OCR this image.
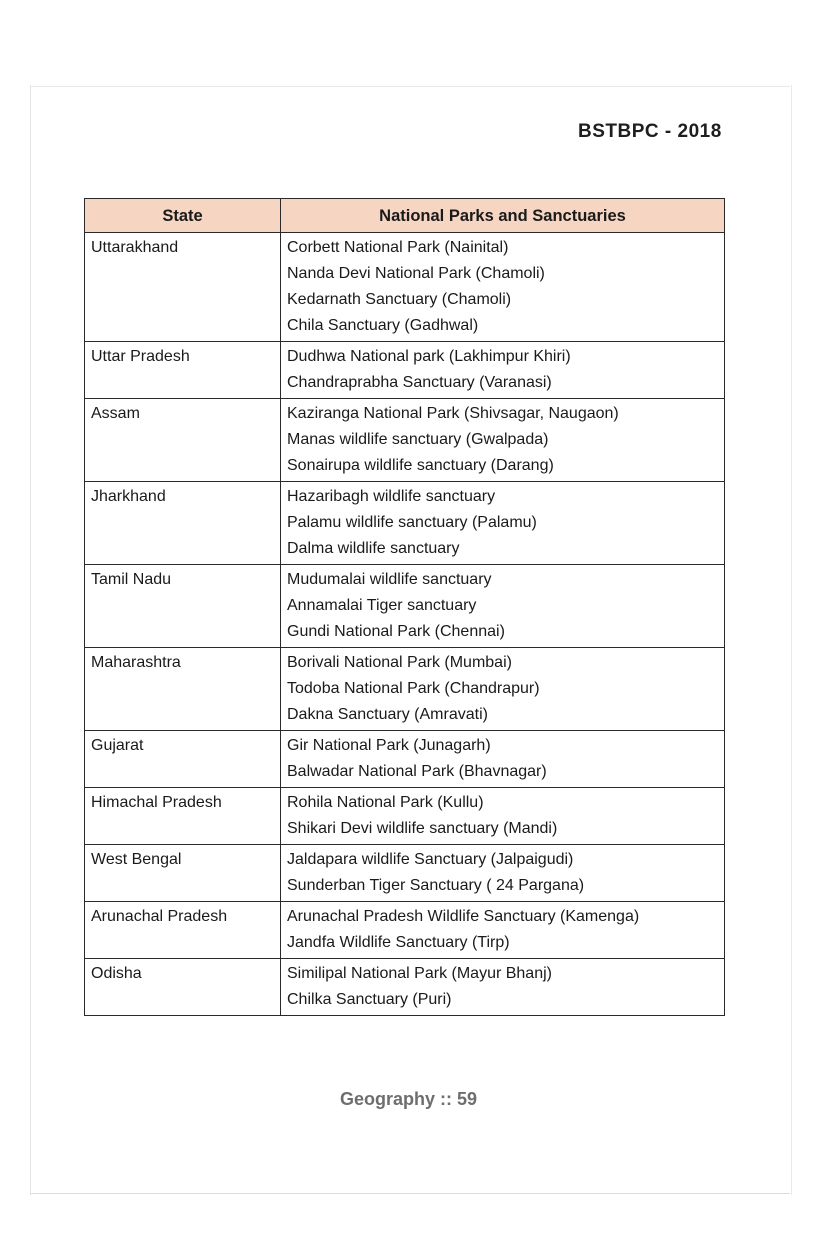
BSTBPC - 2018
State	National Parks and Sanctuaries
Uttarakhand	Corbett National Park (Nainital)
Nanda Devi National Park (Chamoli)
Kedarnath Sanctuary (Chamoli)
Chila Sanctuary (Gadhwal)

Uttar Pradesh	Dudhwa National park (Lakhimpur Khiri)
Chandraprabha Sanctuary (Varanasi)

Assam	Kaziranga National Park (Shivsagar, Naugaon)
Manas wildlife sanctuary (Gwalpada)
Sonairupa wildlife sanctuary (Darang)

Jharkhand	Hazaribagh wildlife sanctuary
Palamu wildlife sanctuary (Palamu)
Dalma wildlife sanctuary

Tamil Nadu	Mudumalai wildlife sanctuary
Annamalai Tiger sanctuary
Gundi National Park (Chennai)

Maharashtra	Borivali National Park (Mumbai)
Todoba National Park (Chandrapur)
Dakna Sanctuary (Amravati)

Gujarat	Gir National Park (Junagarh)
Balwadar National Park (Bhavnagar)

Himachal Pradesh	Rohila National Park (Kullu)
Shikari Devi wildlife sanctuary (Mandi)

West Bengal	Jaldapara wildlife Sanctuary (Jalpaigudi)
Sunderban Tiger Sanctuary ( 24 Pargana)

Arunachal Pradesh	Arunachal Pradesh Wildlife Sanctuary (Kamenga)
Jandfa Wildlife Sanctuary (Tirp)

Odisha	Similipal National Park (Mayur Bhanj)
Chilka Sanctuary (Puri)
Geography :: 59
